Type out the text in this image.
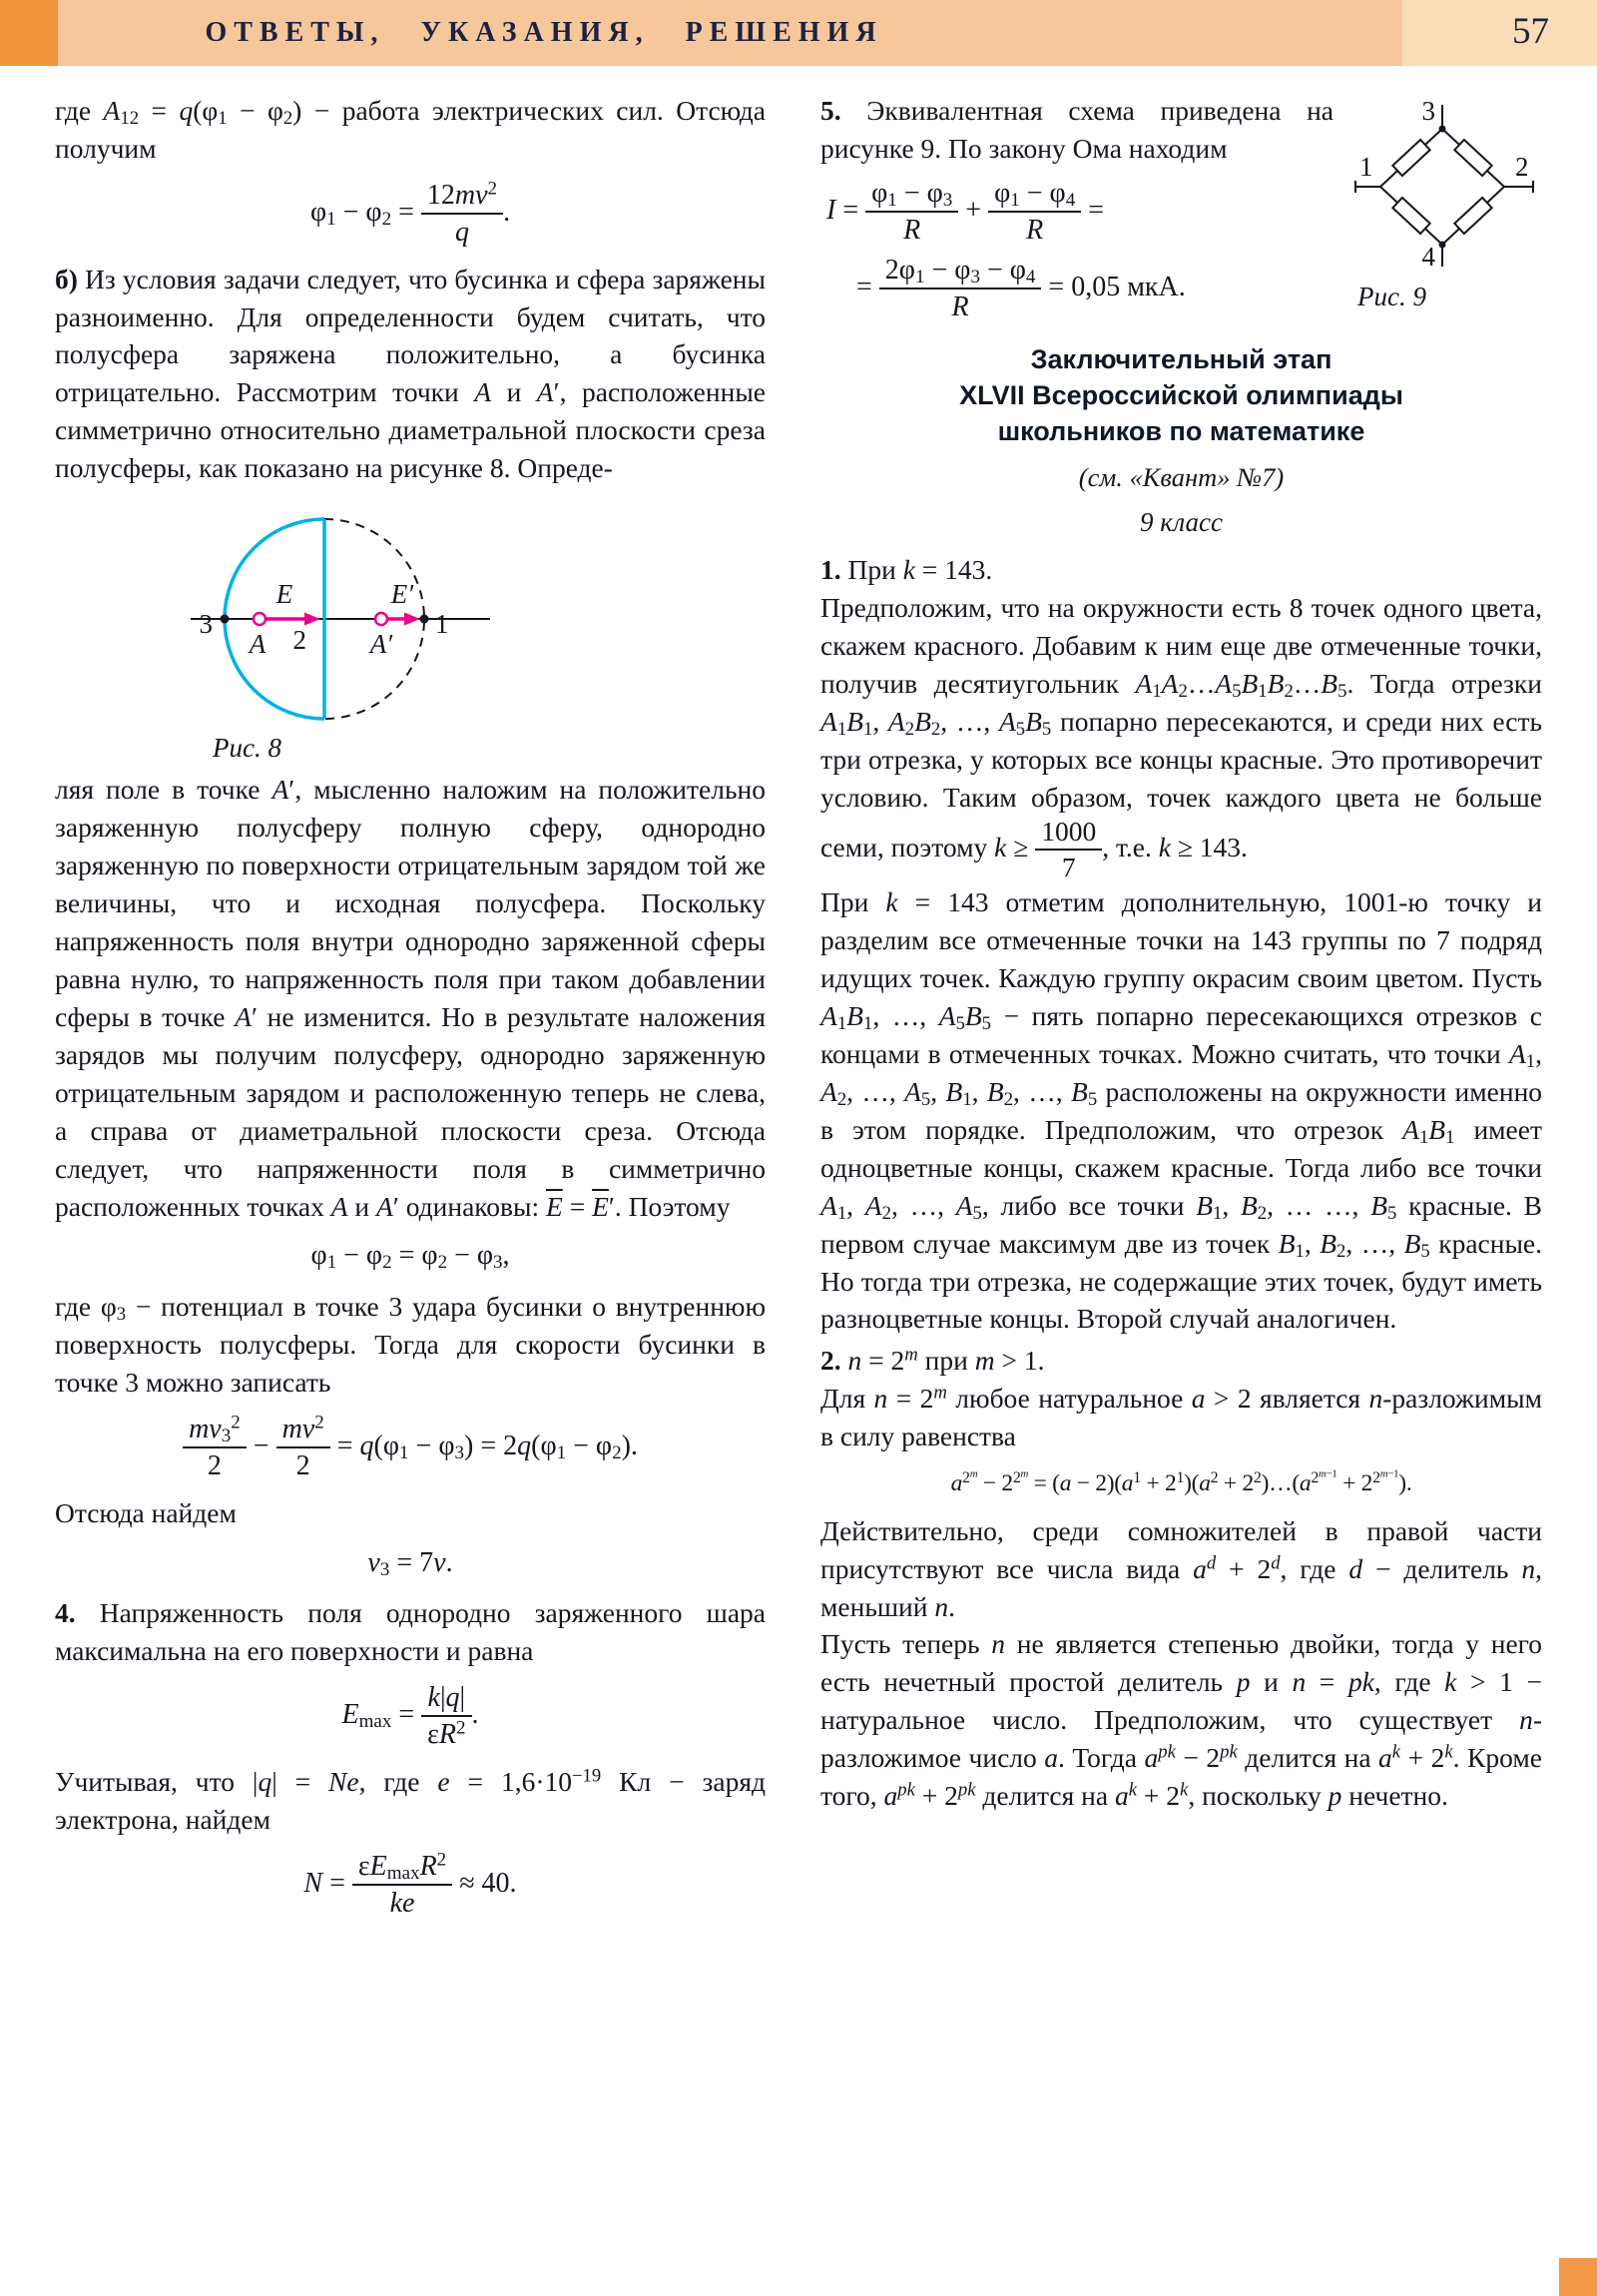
ОТВЕТЫ, УКАЗАНИЯ, РЕШЕНИЯ	57

где $A_{12} = q(\varphi_1 - \varphi_2)$ − работа электрических сил. Отсюда получим

$\varphi_1 - \varphi_2 = \frac{12mv^2}{q}$ .

б) Из условия задачи следует, что бусинка и сфера заряжены разноименно. Для определенности будем считать, что полусфера заряжена положительно, а бусинка отрицательно. Рассмотрим точки A и A′, расположенные симметрично относительно диаметральной плоскости среза полусферы, как показано на рисунке 8. Опреде-

3
2
1
A	A′
E	E′
Рис. 8

ляя поле в точке A′, мысленно наложим на положительно заряженную полусферу полную сферу, однородно заряженную по поверхности отрицательным зарядом той же величины, что и исходная полусфера. Поскольку напряженность поля внутри однородно заряженной сферы равна нулю, то напряженность поля при таком добавлении сферы в точке A′ не изменится. Но в результате наложения зарядов мы получим полусферу, однородно заряженную отрицательным зарядом и расположенную теперь не слева, а справа от диаметральной плоскости среза. Отсюда следует, что напряженности поля в симметрично расположенных точках A и A′ одинаковы: $\overline{E} = \overline{E}'$. Поэтому

$\varphi_1 - \varphi_2 = \varphi_2 - \varphi_3$,

где $\varphi_3$ − потенциал в точке 3 удара бусинки о внутреннюю поверхность полусферы. Тогда для скорости бусинки в точке 3 можно записать

$\frac{mv_3^2}{2} - \frac{mv^2}{2} = q(\varphi_1 - \varphi_3) = 2q(\varphi_1 - \varphi_2)$.

Отсюда найдем

$v_3 = 7v$.

4. Напряженность поля однородно заряженного шара максимальна на его поверхности и равна

$E_{max} = \frac{k|q|}{\varepsilon R^2}$ .

Учитывая, что |q| = Ne, где $e = 1,6\cdot 10^{-19}$ Кл − заряд электрона, найдем

$N = \frac{\varepsilon E_{max}R^2}{ke} \approx 40$.
1	2
3
4
Рис. 9

5. Эквивалентная схема приведена на рисунке 9. По закону Ома находим

$I = \frac{\varphi_1 - \varphi_3}{R} + \frac{\varphi_1 - \varphi_4}{R}$ =
= $\frac{2\varphi_1 - \varphi_3 - \varphi_4}{R} = 0,05$ мкА.
Заключительный этап
XLVII Всероссийской олимпиады
школьников по математике
(см. «Квант» №7)
9 класс

1. При k = 143.

Предположим, что на окружности есть 8 точек одного цвета, скажем красного. Добавим к ним еще две отмеченные точки, получив десятиугольник $A_1A_2\dots A_5B_1B_2\dots B_5$. Тогда отрезки $A_1B_1$, $A_2B_2$, …, $A_5B_5$ попарно пересекаются, и среди них есть три отрезка, у которых все концы красные. Это противоречит условию. Таким образом, точек каждого цвета не больше семи, поэтому $k \ge \frac{1000}{7}$ , т.е. k ≥ 143.

При k = 143 отметим дополнительную, 1001-ю точку и разделим все отмеченные точки на 143 группы по 7 подряд идущих точек. Каждую группу окрасим своим цветом. Пусть $A_1B_1$, …, $A_5B_5$ − пять попарно пересекающихся отрезков с концами в отмеченных точках. Можно считать, что точки $A_1$, $A_2$, …, $A_5$, $B_1$, $B_2$, …, $B_5$ расположены на окружности именно в этом порядке. Предположим, что отрезок $A_1B_1$ имеет одноцветные концы, скажем красные. Тогда либо все точки $A_1$, $A_2$, …, $A_5$, либо все точки $B_1$, $B_2$, … …, $B_5$ красные. В первом случае максимум две из точек $B_1$, $B_2$, …, $B_5$ красные. Но тогда три отрезка, не содержащие этих точек, будут иметь разноцветные концы. Второй случай аналогичен.

2. $n = 2^m$ при m > 1.

Для $n = 2^m$ любое натуральное a > 2 является n-разложимым в силу равенства

$a^{2^m} - 2^{2^m} = (a - 2)(a^1 + 2^1)(a^2$ + $2^2)\dots(a^{2^{m-1}} + 2^{2^{m-1}})$.

Действительно, среди сомножителей в правой части присутствуют все числа вида $a^d + 2^d$, где d − делитель n, меньший n.

Пусть теперь n не является степенью двойки, тогда у него есть нечетный простой делитель p и n = pk, где k > 1 − натуральное число. Предположим, что существует n-разложимое число a. Тогда $a^{pk} - 2^{pk}$ делится на $a^k + 2^k$. Кроме того, $a^{pk} + 2^{pk}$ делится на $a^k + 2^k$, поскольку p нечетно.
